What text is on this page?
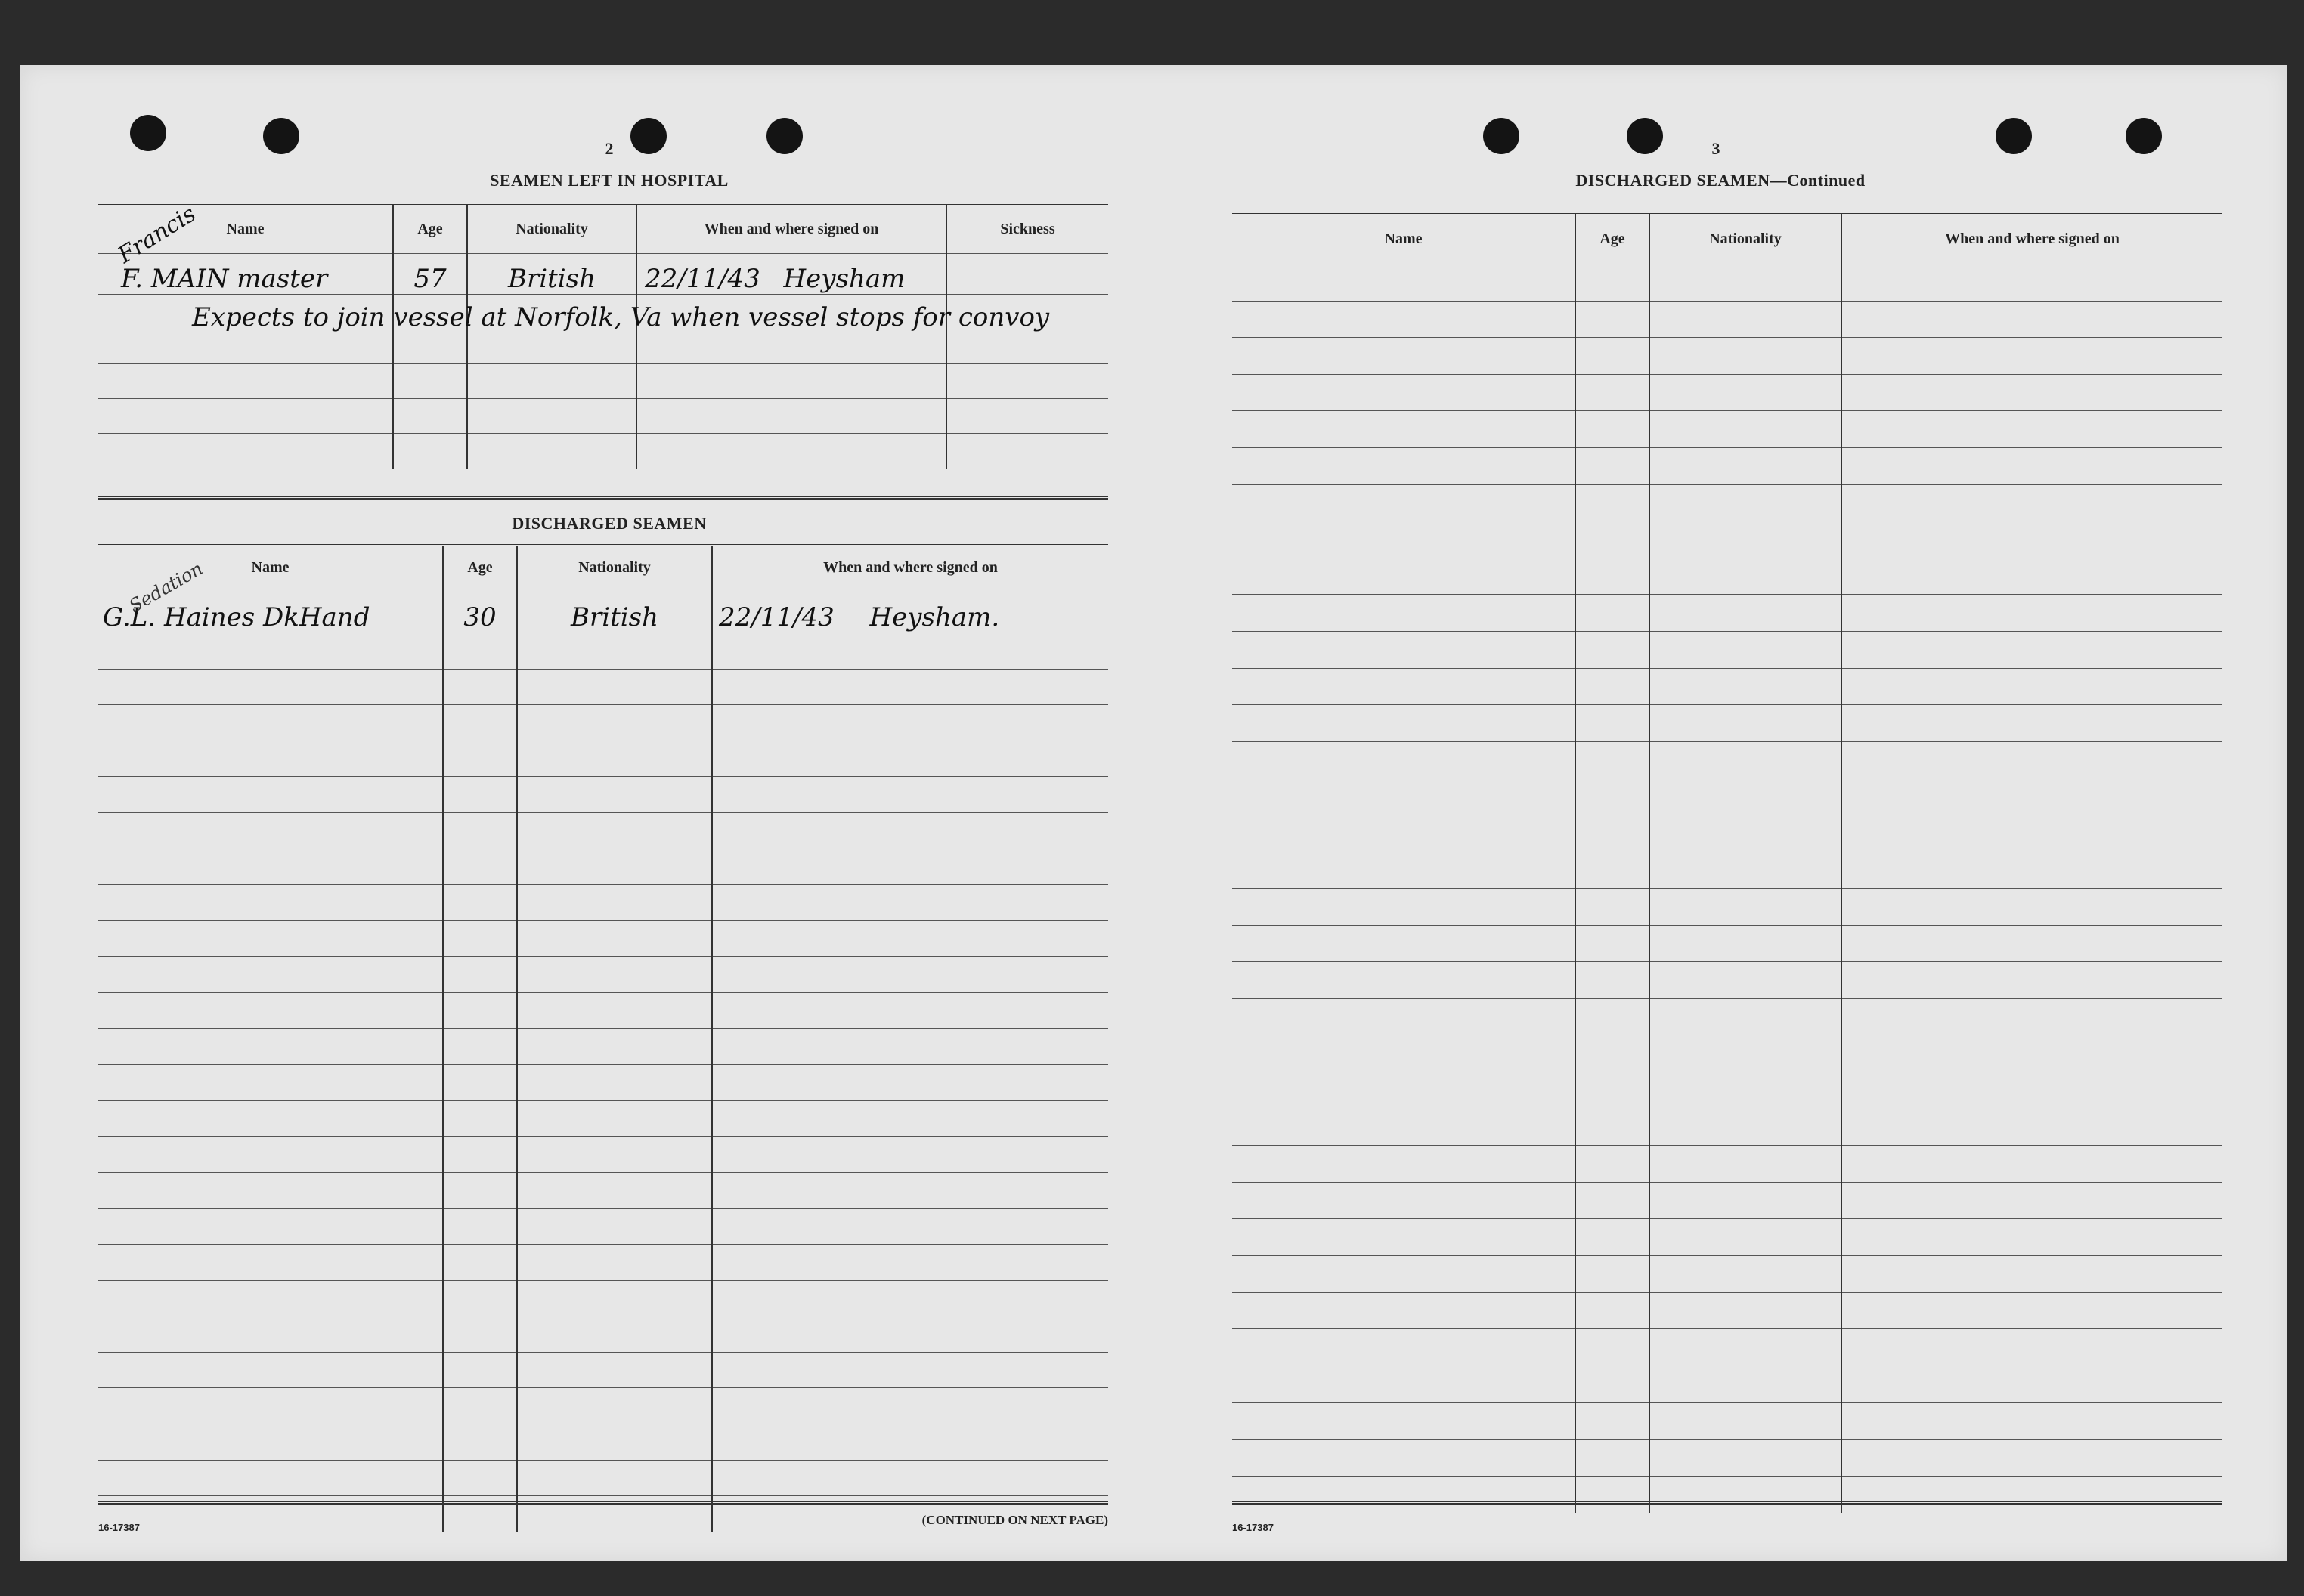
2
SEAMEN LEFT IN HOSPITAL
Name	Age	Nationality	When and where signed on	Sickness
F. MAIN master	57	British	22/11/43 Heysham	

Francis
Expects to join vessel at Norfolk, Va when vessel stops for convoy
DISCHARGED SEAMEN
Name	Age	Nationality	When and where signed on
G.L. Haines DkHand	30	British	22/11/43 Heysham.

Sedation
16-17387
(CONTINUED ON NEXT PAGE)
3
DISCHARGED SEAMEN—Continued
Name	Age	Nationality	When and where signed on

16-17387
